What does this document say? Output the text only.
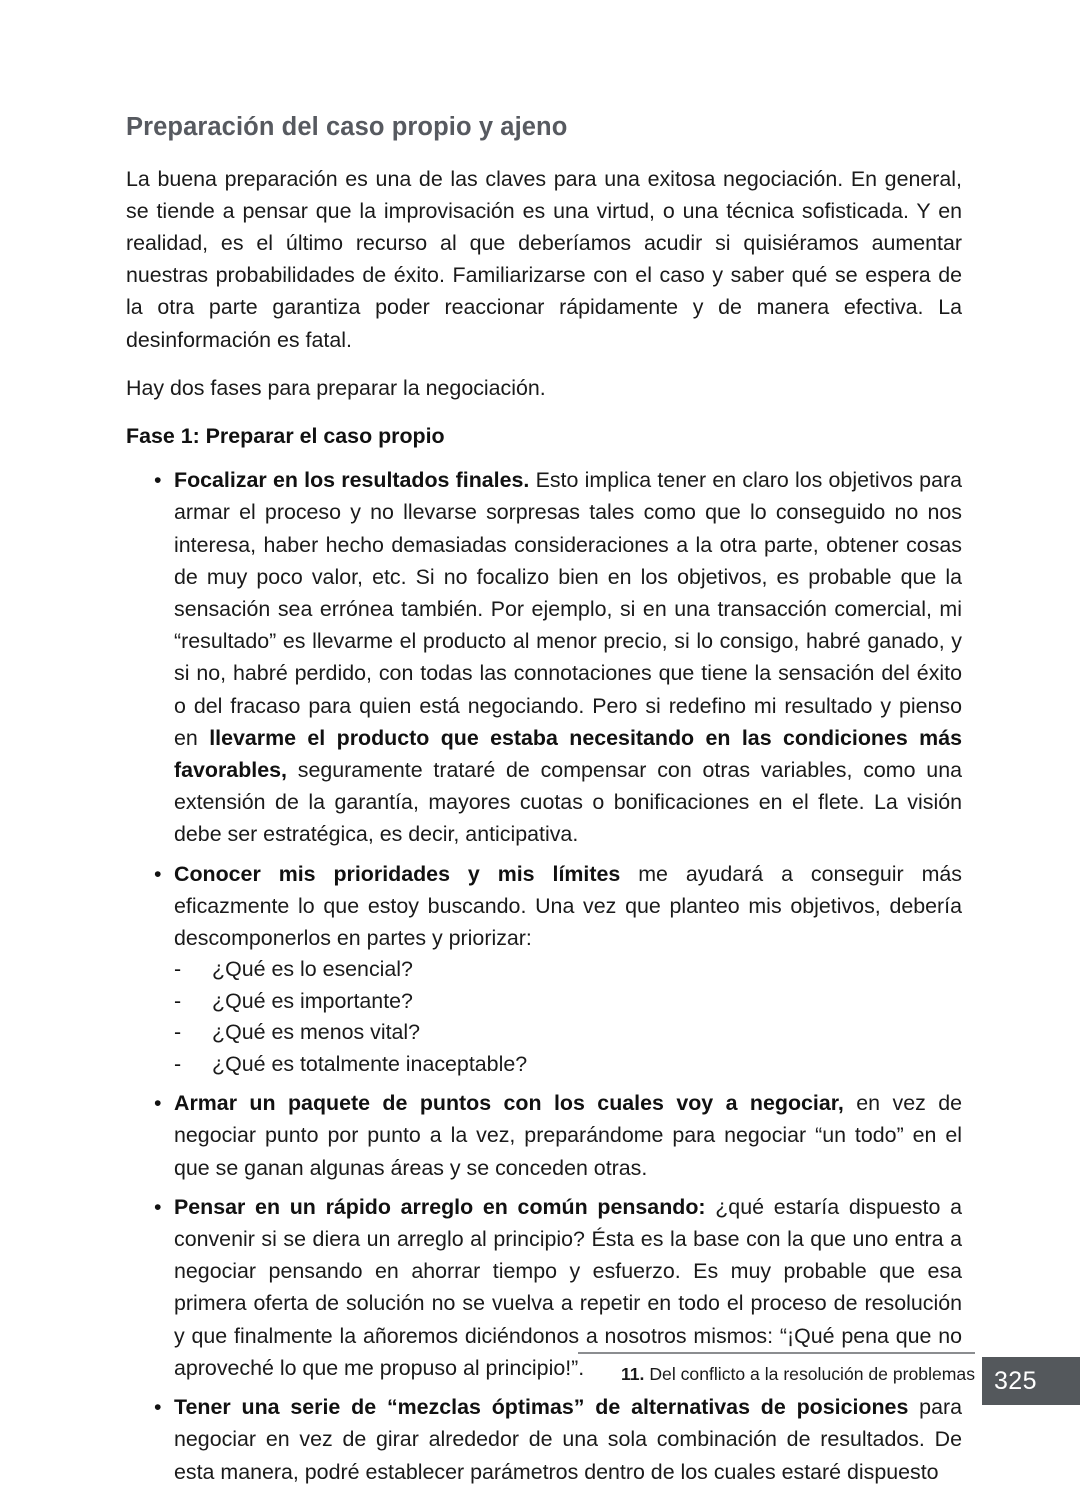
Preparación del caso propio y ajeno

La buena preparación es una de las claves para una exitosa negociación. En general, se tiende a pensar que la improvisación es una virtud, o una técnica sofisticada. Y en realidad, es el último recurso al que deberíamos acudir si quisiéramos aumentar nuestras probabilidades de éxito. Familiarizarse con el caso y saber qué se espera de la otra parte garantiza poder reaccionar rápidamente y de manera efectiva. La desinformación es fatal.

Hay dos fases para preparar la negociación.

Fase 1: Preparar el caso propio

• Focalizar en los resultados finales. Esto implica tener en claro los objetivos para armar el proceso y no llevarse sorpresas tales como que lo conseguido no nos interesa, haber hecho demasiadas consideraciones a la otra parte, obtener cosas de muy poco valor, etc. Si no focalizo bien en los objetivos, es probable que la sensación sea errónea también. Por ejemplo, si en una transacción comercial, mi “resultado” es llevarme el producto al menor precio, si lo consigo, habré ganado, y si no, habré perdido, con todas las connotaciones que tiene la sensación del éxito o del fracaso para quien está negociando. Pero si redefino mi resultado y pienso en llevarme el producto que estaba necesitando en las condiciones más favorables, seguramente trataré de compensar con otras variables, como una extensión de la garantía, mayores cuotas o bonificaciones en el flete. La visión debe ser estratégica, es decir, anticipativa.
• Conocer mis prioridades y mis límites me ayudará a conseguir más eficazmente lo que estoy buscando. Una vez que planteo mis objetivos, debería descomponerlos en partes y priorizar:
- ¿Qué es lo esencial?
- ¿Qué es importante?
- ¿Qué es menos vital?
- ¿Qué es totalmente inaceptable?
• Armar un paquete de puntos con los cuales voy a negociar, en vez de negociar punto por punto a la vez, preparándome para negociar “un todo” en el que se ganan algunas áreas y se conceden otras.
• Pensar en un rápido arreglo en común pensando: ¿qué estaría dispuesto a convenir si se diera un arreglo al principio? Ésta es la base con la que uno entra a negociar pensando en ahorrar tiempo y esfuerzo. Es muy probable que esa primera oferta de solución no se vuelva a repetir en todo el proceso de resolución y que finalmente la añoremos diciéndonos a nosotros mismos: “¡Qué pena que no aproveché lo que me propuso al principio!”.
• Tener una serie de “mezclas óptimas” de alternativas de posiciones para negociar en vez de girar alrededor de una sola combinación de resultados. De esta manera, podré establecer parámetros dentro de los cuales estaré dispuesto
11. Del conflicto a la resolución de problemas 325
